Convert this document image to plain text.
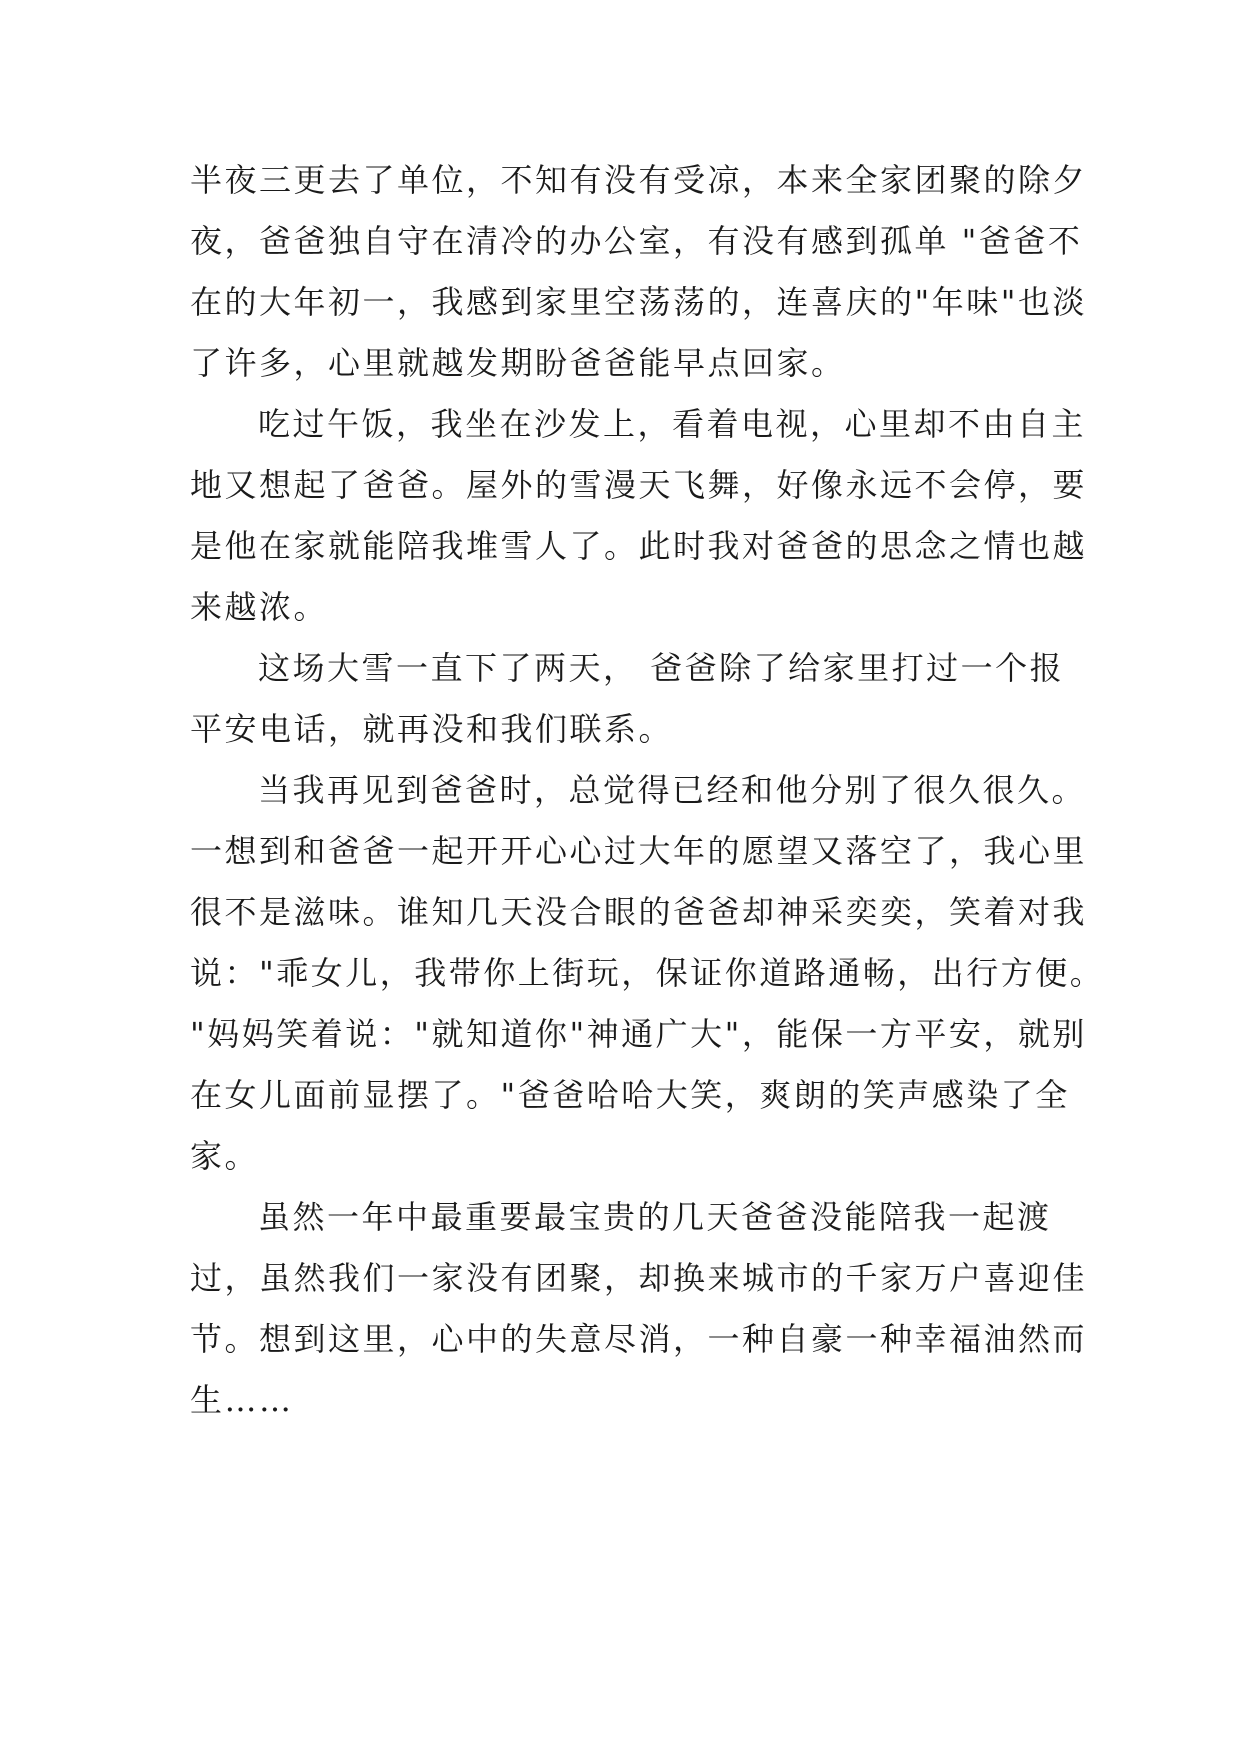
半夜三更去了单位，不知有没有受凉，本来全家团聚的除夕
夜，爸爸独自守在清冷的办公室，有没有感到孤单 "爸爸不
在的大年初一，我感到家里空荡荡的，连喜庆的"年味"也淡
了许多，心里就越发期盼爸爸能早点回家。
吃过午饭，我坐在沙发上，看着电视，心里却不由自主
地又想起了爸爸。屋外的雪漫天飞舞，好像永远不会停，要
是他在家就能陪我堆雪人了。此时我对爸爸的思念之情也越
来越浓。
这场大雪一直下了两天， 爸爸除了给家里打过一个报
平安电话，就再没和我们联系。
当我再见到爸爸时，总觉得已经和他分别了很久很久。
一想到和爸爸一起开开心心过大年的愿望又落空了，我心里
很不是滋味。谁知几天没合眼的爸爸却神采奕奕，笑着对我
说："乖女儿，我带你上街玩，保证你道路通畅，出行方便。
"妈妈笑着说："就知道你"神通广大"，能保一方平安，就别
在女儿面前显摆了。"爸爸哈哈大笑，爽朗的笑声感染了全
家。
虽然一年中最重要最宝贵的几天爸爸没能陪我一起渡
过，虽然我们一家没有团聚，却换来城市的千家万户喜迎佳
节。想到这里，心中的失意尽消，一种自豪一种幸福油然而
生……
